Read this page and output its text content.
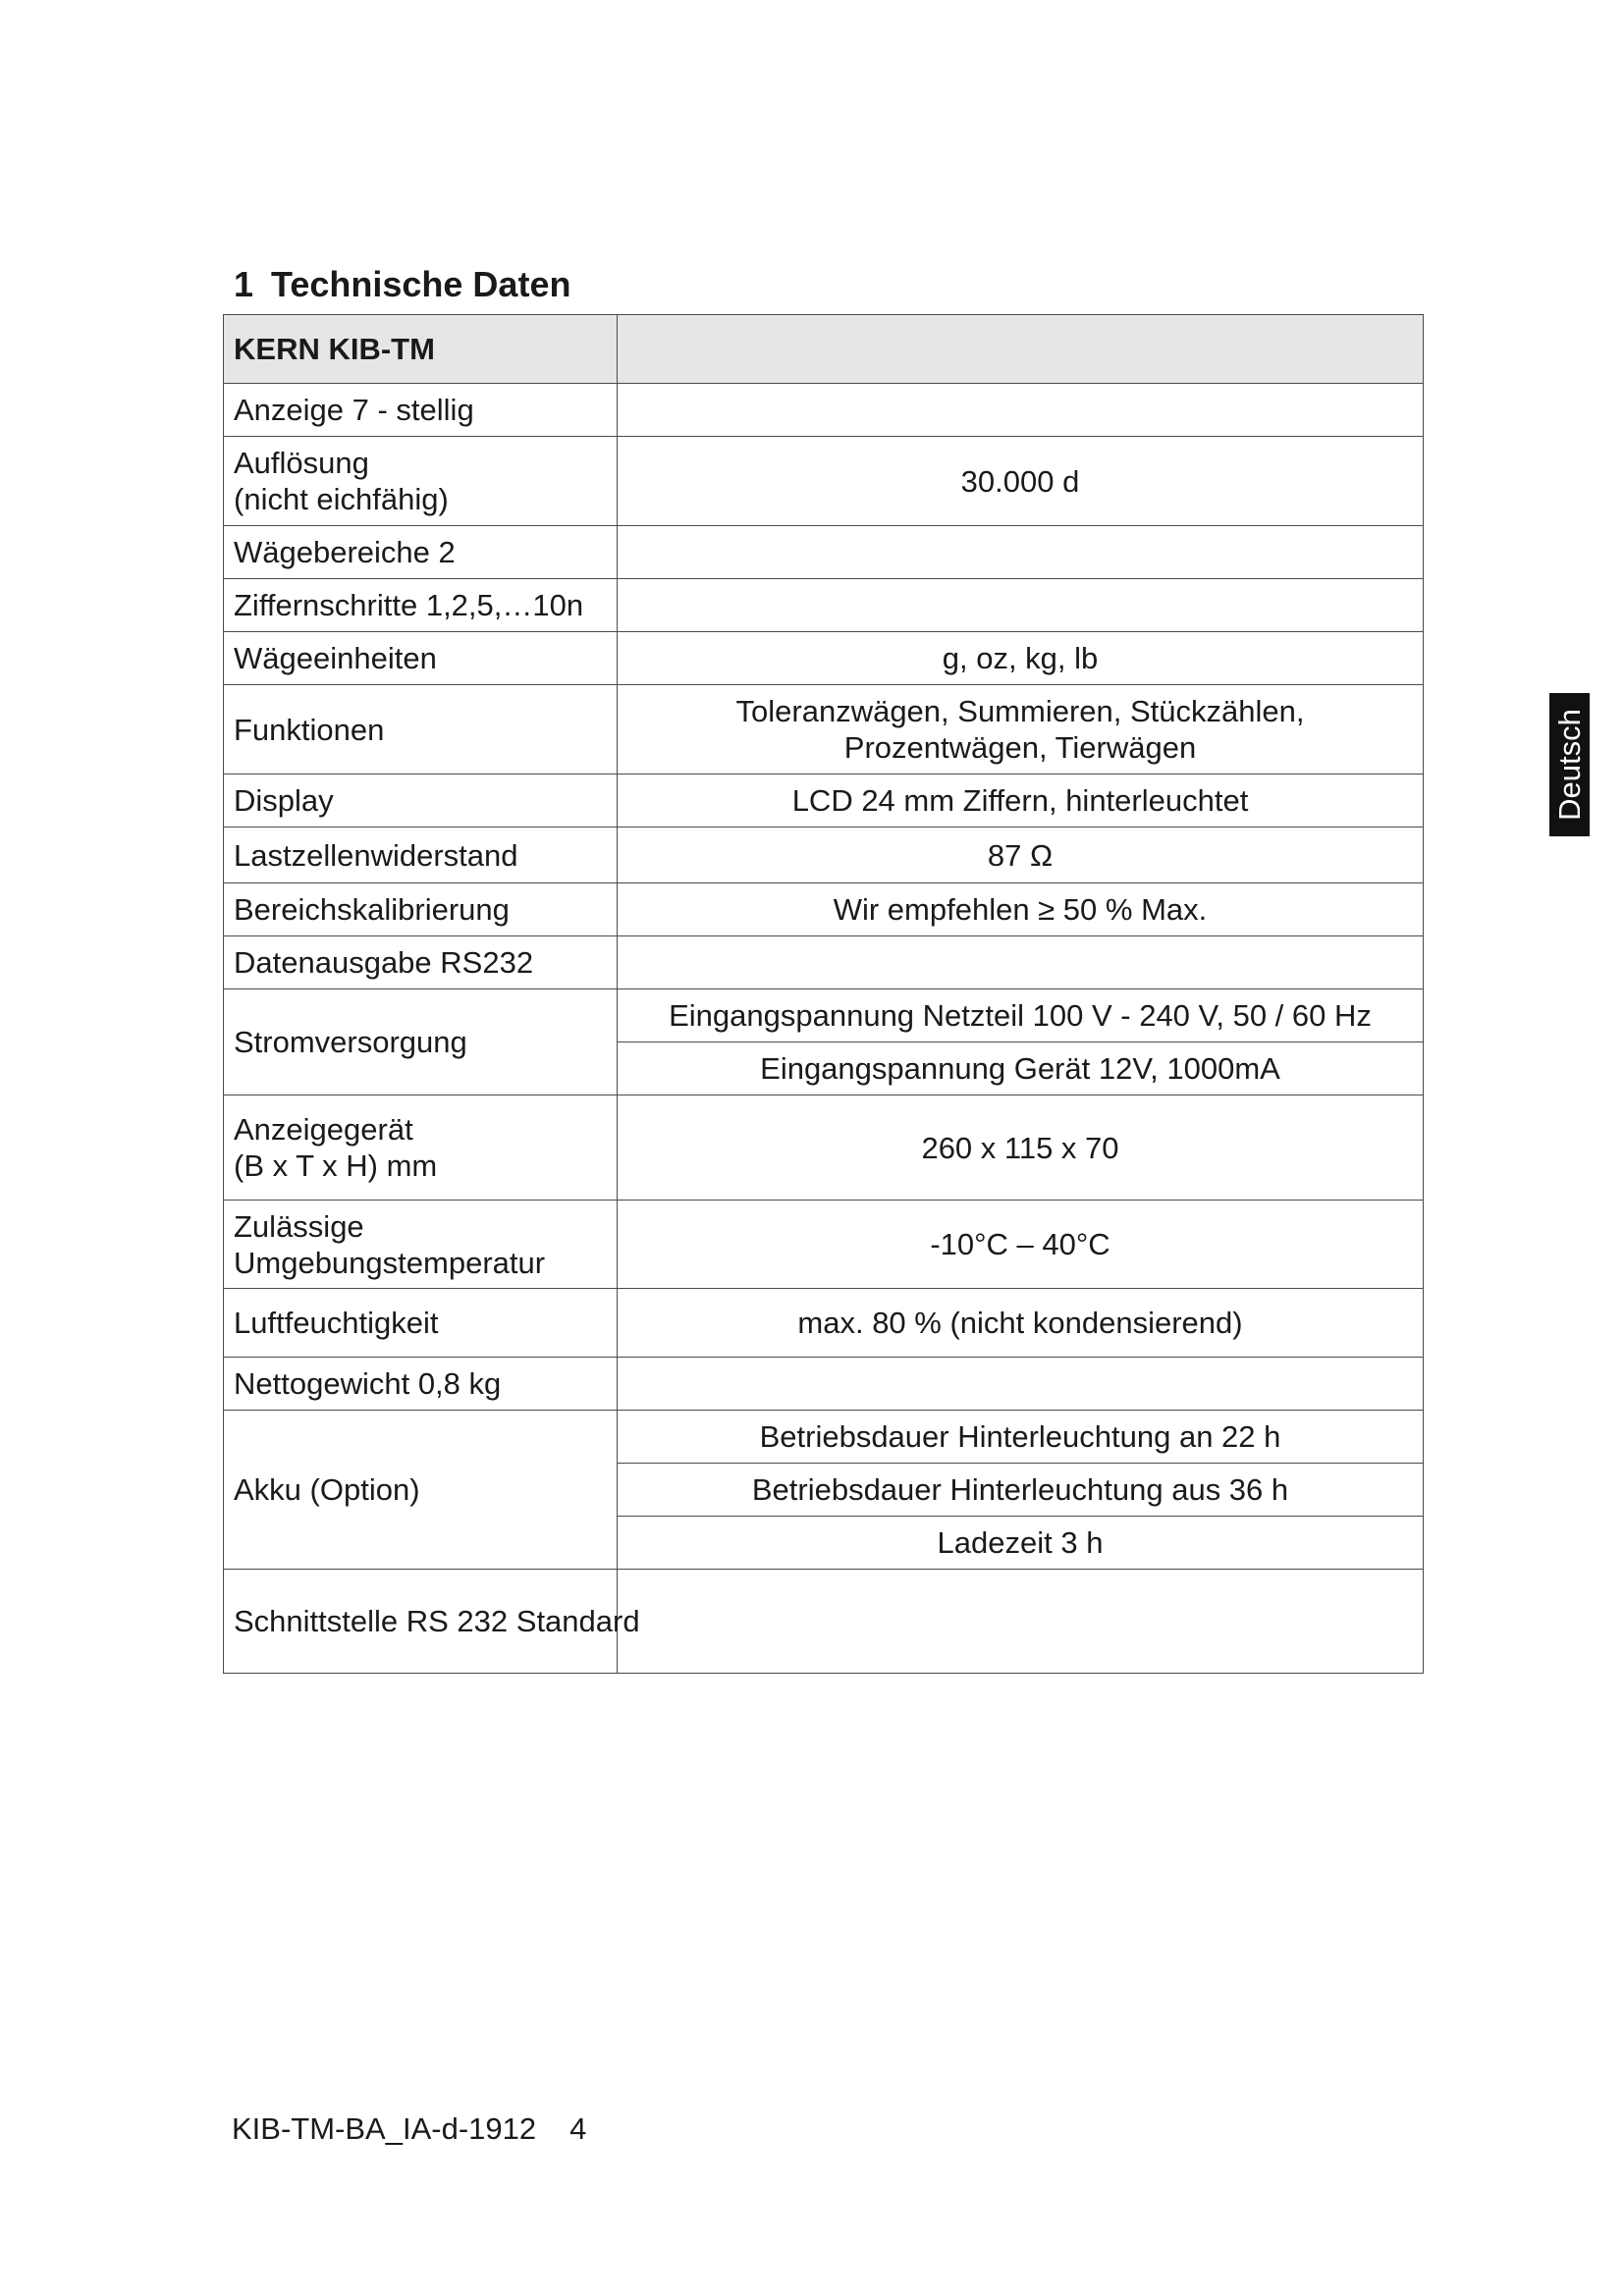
1 Technische Daten
KERN KIB-TM	
Anzeige 7 - stellig	

Auflösung
(nicht eichfähig)	30.000 d
Wägebereiche 2	
Ziffernschritte 1,2,5,…10n	
Wägeeinheiten	g, oz, kg, lb
Funktionen	Toleranzwägen, Summieren, Stückzählen,
Prozentwägen, Tierwägen

Display	LCD 24 mm Ziffern, hinterleuchtet
Lastzellenwiderstand	87 Ω
Bereichskalibrierung	Wir empfehlen ≥ 50 % Max.
Datenausgabe RS232	
Stromversorgung	Eingangspannung Netzteil 100 V - 240 V, 50 / 60 Hz
	Eingangspannung Gerät 12V, 1000mA

Anzeigegerät
(B x T x H) mm	260 x 115 x 70

Zulässige
Umgebungstemperatur	-10°C – 40°C
Luftfeuchtigkeit	max. 80 % (nicht kondensierend)
Nettogewicht 0,8 kg	
Akku (Option)	Betriebsdauer Hinterleuchtung an 22 h
	Betriebsdauer Hinterleuchtung aus 36 h
	Ladezeit 3 h
Schnittstelle RS 232 Standard	
Deutsch
KIB-TM-BA_IA-d-1912 4
